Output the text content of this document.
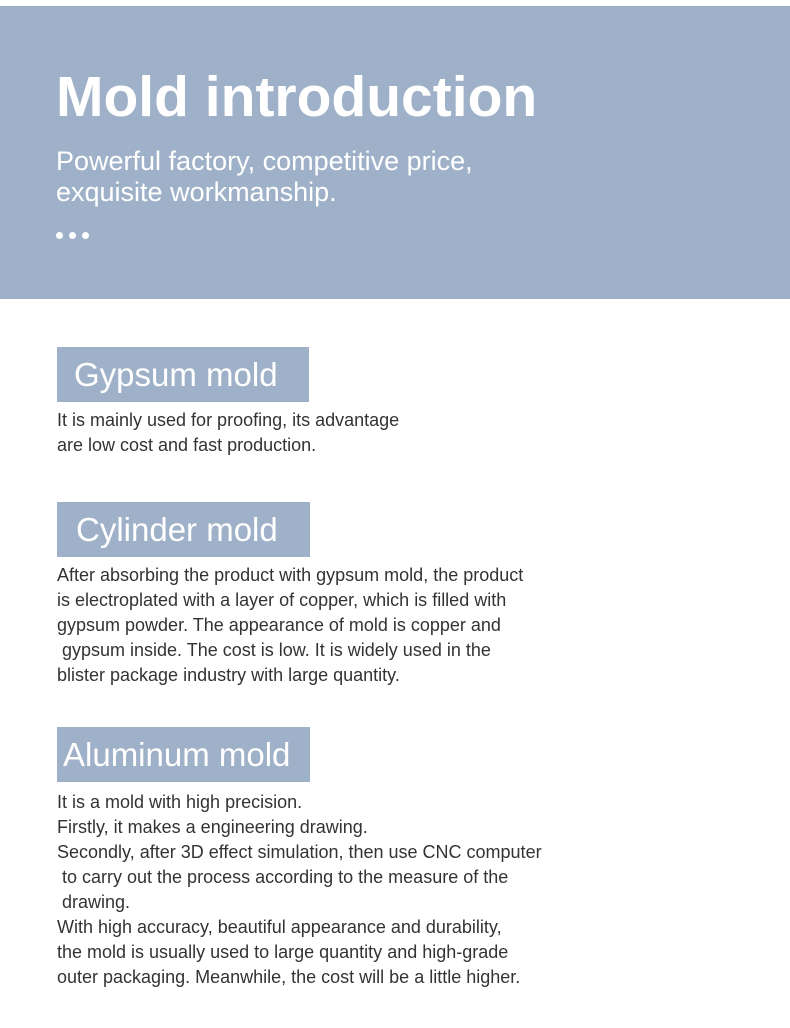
Mold introduction

Powerful factory, competitive price,
exquisite workmanship.

Gypsum mold

It is mainly used for proofing, its advantage
are low cost and fast production.

Cylinder mold

After absorbing the product with gypsum mold, the product
is electroplated with a layer of copper, which is filled with
gypsum powder. The appearance of mold is copper and
gypsum inside. The cost is low. It is widely used in the
blister package industry with large quantity.

Aluminum mold

It is a mold with high precision.
Firstly, it makes a engineering drawing.
Secondly, after 3D effect simulation, then use CNC computer
to carry out the process according to the measure of the
drawing.
With high accuracy, beautiful appearance and durability,
the mold is usually used to large quantity and high-grade
outer packaging. Meanwhile, the cost will be a little higher.
